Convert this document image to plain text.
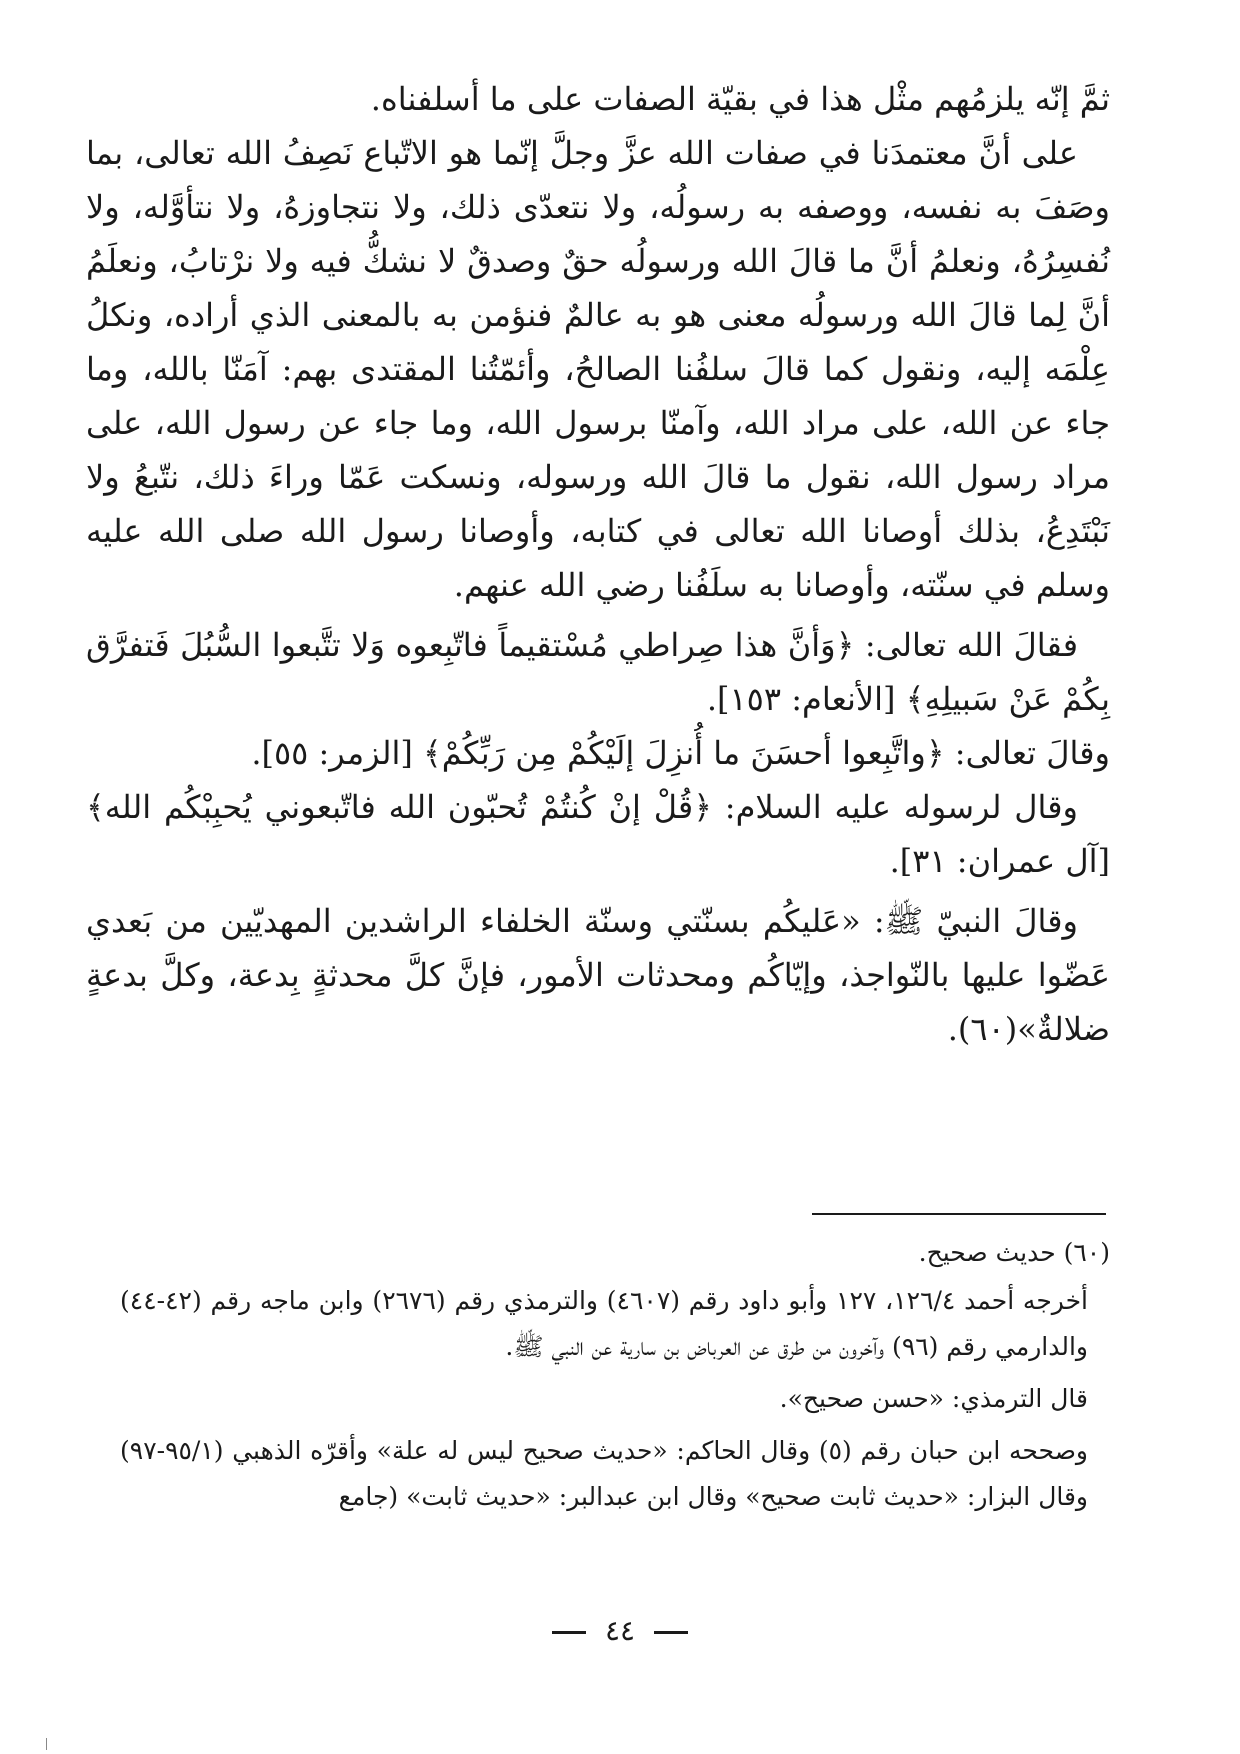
ثمَّ إنّه يلزمُهم مثْل هذا في بقيّة الصفات على ما أسلفناه.

على أنَّ معتمدَنا في صفات الله عزَّ وجلَّ إنّما هو الاتّباع نَصِفُ الله تعالى، بما وصَفَ به نفسه، ووصفه به رسولُه، ولا نتعدّى ذلك، ولا نتجاوزهُ، ولا نتأوَّله، ولا نُفسِرُهُ، ونعلمُ أنَّ ما قالَ الله ورسولُه حقٌ وصدقٌ لا نشكُّ فيه ولا نرْتابُ، ونعلَمُ أنَّ لِما قالَ الله ورسولُه معنى هو به عالمٌ فنؤمن به بالمعنى الذي أراده، ونكلُ عِلْمَه إليه، ونقول كما قالَ سلفُنا الصالحُ، وأئمّتُنا المقتدى بهم: آمَنّا بالله، وما جاء عن الله، على مراد الله، وآمنّا برسول الله، وما جاء عن رسول الله، على مراد رسول الله، نقول ما قالَ الله ورسوله، ونسكت عَمّا وراءَ ذلك، نتّبعُ ولا نَبْتَدِعُ، بذلك أوصانا الله تعالى في كتابه، وأوصانا رسول الله صلى الله عليه وسلم في سنّته، وأوصانا به سلَفُنا رضي الله عنهم.

فقالَ الله تعالى: ﴿وَأنَّ هذا صِراطي مُسْتقيماً فاتّبِعوه وَلا تتَّبعوا السُّبُلَ فَتفرَّق بِكُمْ عَنْ سَبيلِهِ﴾ [الأنعام: ١٥٣].

وقالَ تعالى: ﴿واتَّبِعوا أحسَنَ ما أُنزِلَ إلَيْكُمْ مِن رَبِّكُمْ﴾ [الزمر: ٥٥].

وقال لرسوله عليه السلام: ﴿قُلْ إنْ كُنتُمْ تُحبّون الله فاتّبعوني يُحبِبْكُم الله﴾ [آل عمران: ٣١].

وقالَ النبيّ ﷺ: «عَليكُم بسنّتي وسنّة الخلفاء الراشدين المهديّين من بَعدي عَضّوا عليها بالنّواجذ، وإيّاكُم ومحدثات الأمور، فإنَّ كلَّ محدثةٍ بِدعة، وكلَّ بدعةٍ ضلالةٌ»(٦٠).

(٦٠) حديث صحيح.

أخرجه أحمد ١٢٦/٤، ١٢٧ وأبو داود رقم (٤٦٠٧) والترمذي رقم (٢٦٧٦) وابن ماجه رقم (٤٢-٤٤) والدارمي رقم (٩٦) وآخرون من طرق عن العرباض بن سارية عن النبي ﷺ.

قال الترمذي: «حسن صحيح».

وصححه ابن حبان رقم (٥) وقال الحاكم: «حديث صحيح ليس له علة» وأقرّه الذهبي (٩٥/١-٩٧) وقال البزار: «حديث ثابت صحيح» وقال ابن عبدالبر: «حديث ثابت» (جامع

٤٤
